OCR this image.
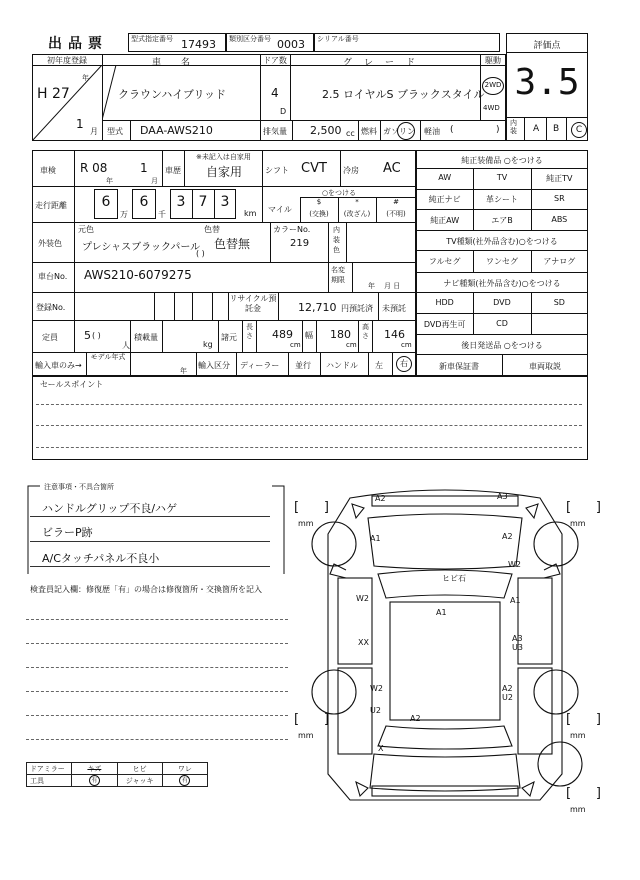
出品票	型式指定番号 17493 類別区分番号 0003 シリアル番号
評価点
3.5
初年度登録
年
H 27
1
月
車名
クラウンハイブリッド
ドア数
4
D
グレード
2.5 ロイヤルS ブラックスタイル
駆動
2WD
4WD
型式 DAA-AWS210	排気量 2,500 cc 燃料 ガソリン 軽油 (	)
内装	A B	C
車検 R 08
年
1
月
車歴
※未記入は自家用
自家用	シフト CVT 冷房 AC
走行距離	6
万
6
千
3 7 3
km
○をつける
マイル
$
(交換)
*
(改ざん)
#
(不明)
外装色
元色
プレシャスブラックパール
色替
色替無
( )
カラーNo.
219
内装色
車台No. AWS210-6079275	名変期限
年 月 日
登録No.
リサイクル預託金	12,710 円預託済 未預託
定員 5 ( )
人
積載量
kg
諸元
長さ 489
cm
幅 180
cm
高さ 146
cm
輸入車のみ→
モデル年式
年
輸入区分 ディーラー 並行 ハンドル 左	右
純正装備品 ○をつける
AW	TV	純正TV
純正ナビ	革シート	SR
純正AW	エアB	ABS
TV種類(社外品含む)○をつける
フルセグ	ワンセグ	アナログ
ナビ種類(社外品含む)○をつける
HDD	DVD	SD
DVD再生可	CD
後日発送品 ○をつける
新車保証書	車両取説
セールスポイント
注意事項・不具合箇所
ハンドルグリップ不良/ハゲ
ビラーP跡
A/Cタッチパネル不良小
検査員記入欄：修復歴「有」の場合は修復箇所・交換箇所を記入
ドアミラー	キズ	ヒビ	ワレ
工具	有	ジャッキ	有
A2	A3
A1	A2
W2
ヒビ石
W2
A1
A1
XX	A3
U3
W2
U2
A2
U2
A2
X
[      ]
mm
[      ]
mm
[      ]
mm
[      ]
mm
[      ]
mm
